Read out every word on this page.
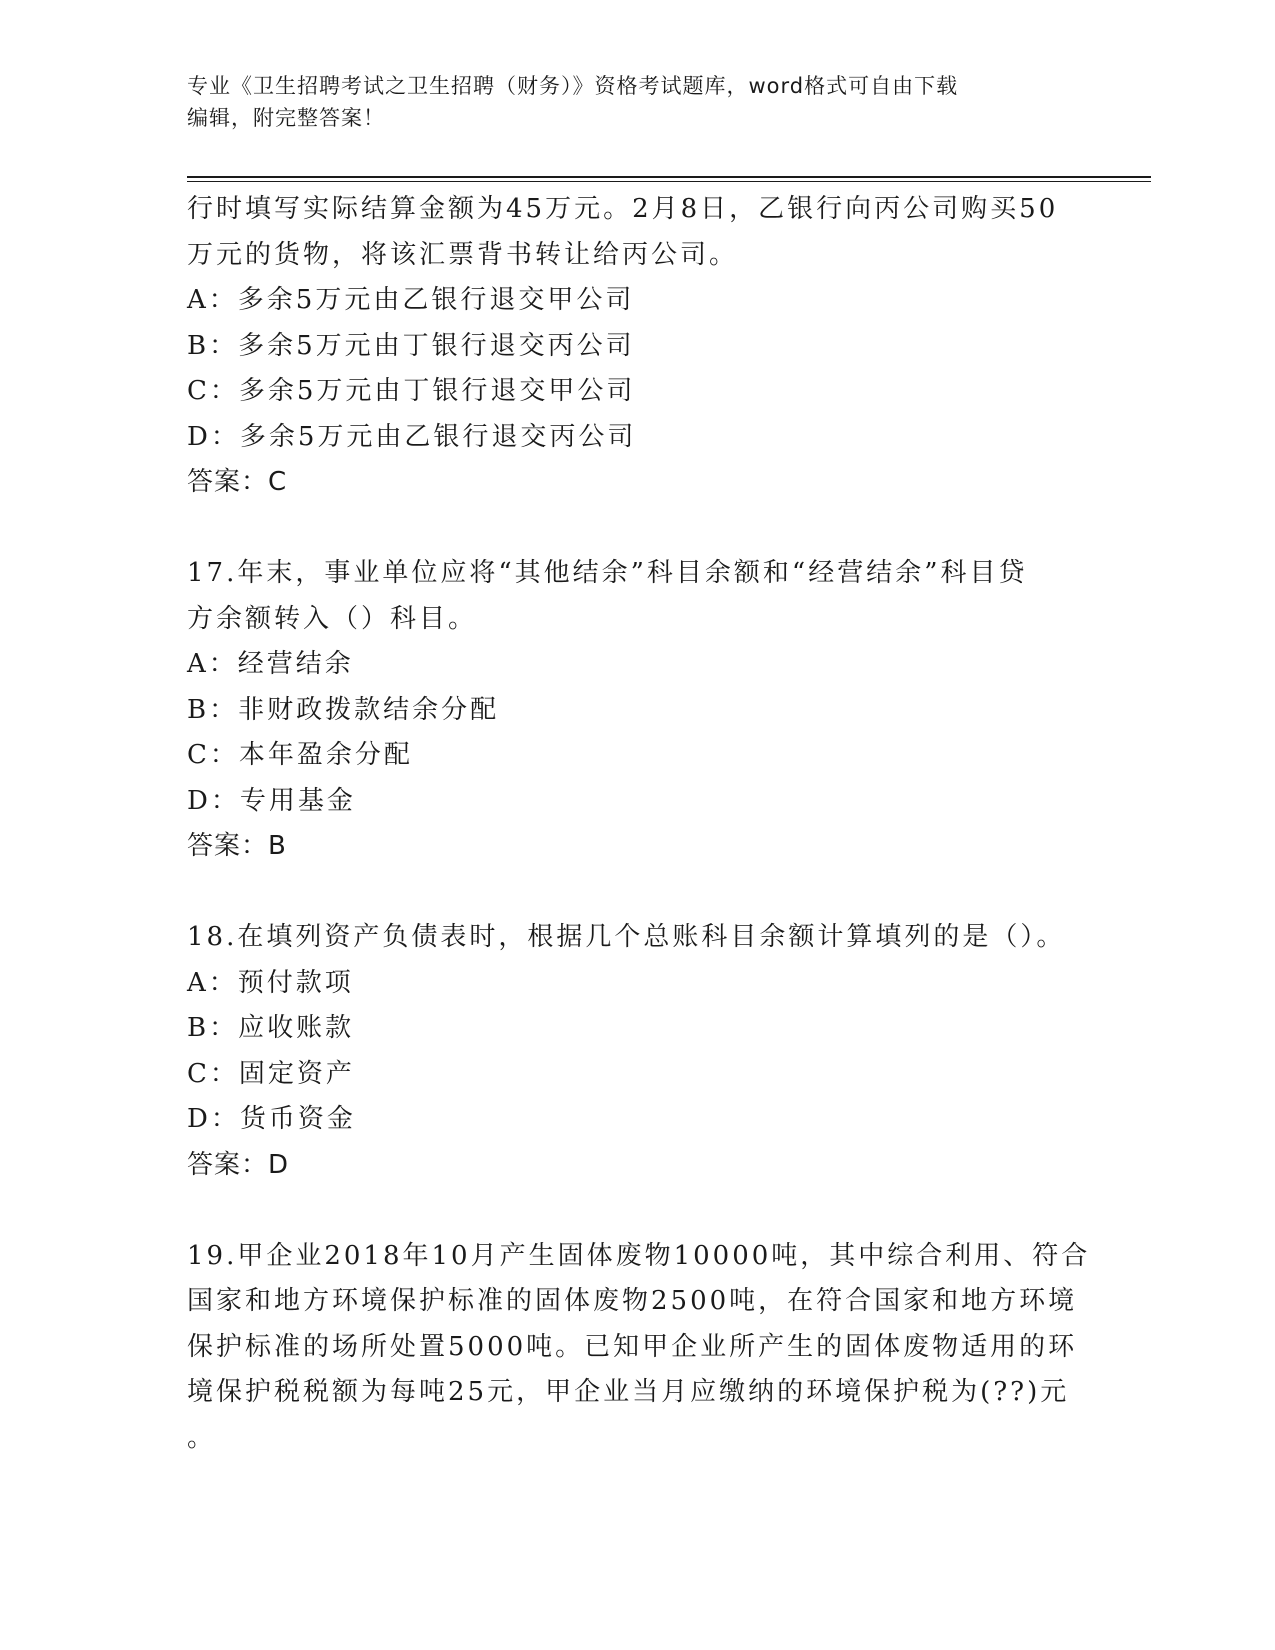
专业《卫生招聘考试之卫生招聘（财务）》资格考试题库，word格式可自由下载
编辑，附完整答案！
行时填写实际结算金额为45万元。2月8日，乙银行向丙公司购买50
万元的货物，将该汇票背书转让给丙公司。
A：多余5万元由乙银行退交甲公司
B：多余5万元由丁银行退交丙公司
C：多余5万元由丁银行退交甲公司
D：多余5万元由乙银行退交丙公司
答案：C
17.年末，事业单位应将“其他结余”科目余额和“经营结余”科目贷
方余额转入（）科目。
A：经营结余
B：非财政拨款结余分配
C：本年盈余分配
D：专用基金
答案：B
18.在填列资产负债表时，根据几个总账科目余额计算填列的是（）。
A：预付款项
B：应收账款
C：固定资产
D：货币资金
答案：D
19.甲企业2018年10月产生固体废物10000吨，其中综合利用、符合
国家和地方环境保护标准的固体废物2500吨，在符合国家和地方环境
保护标准的场所处置5000吨。已知甲企业所产生的固体废物适用的环
境保护税税额为每吨25元，甲企业当月应缴纳的环境保护税为(??)元
。
